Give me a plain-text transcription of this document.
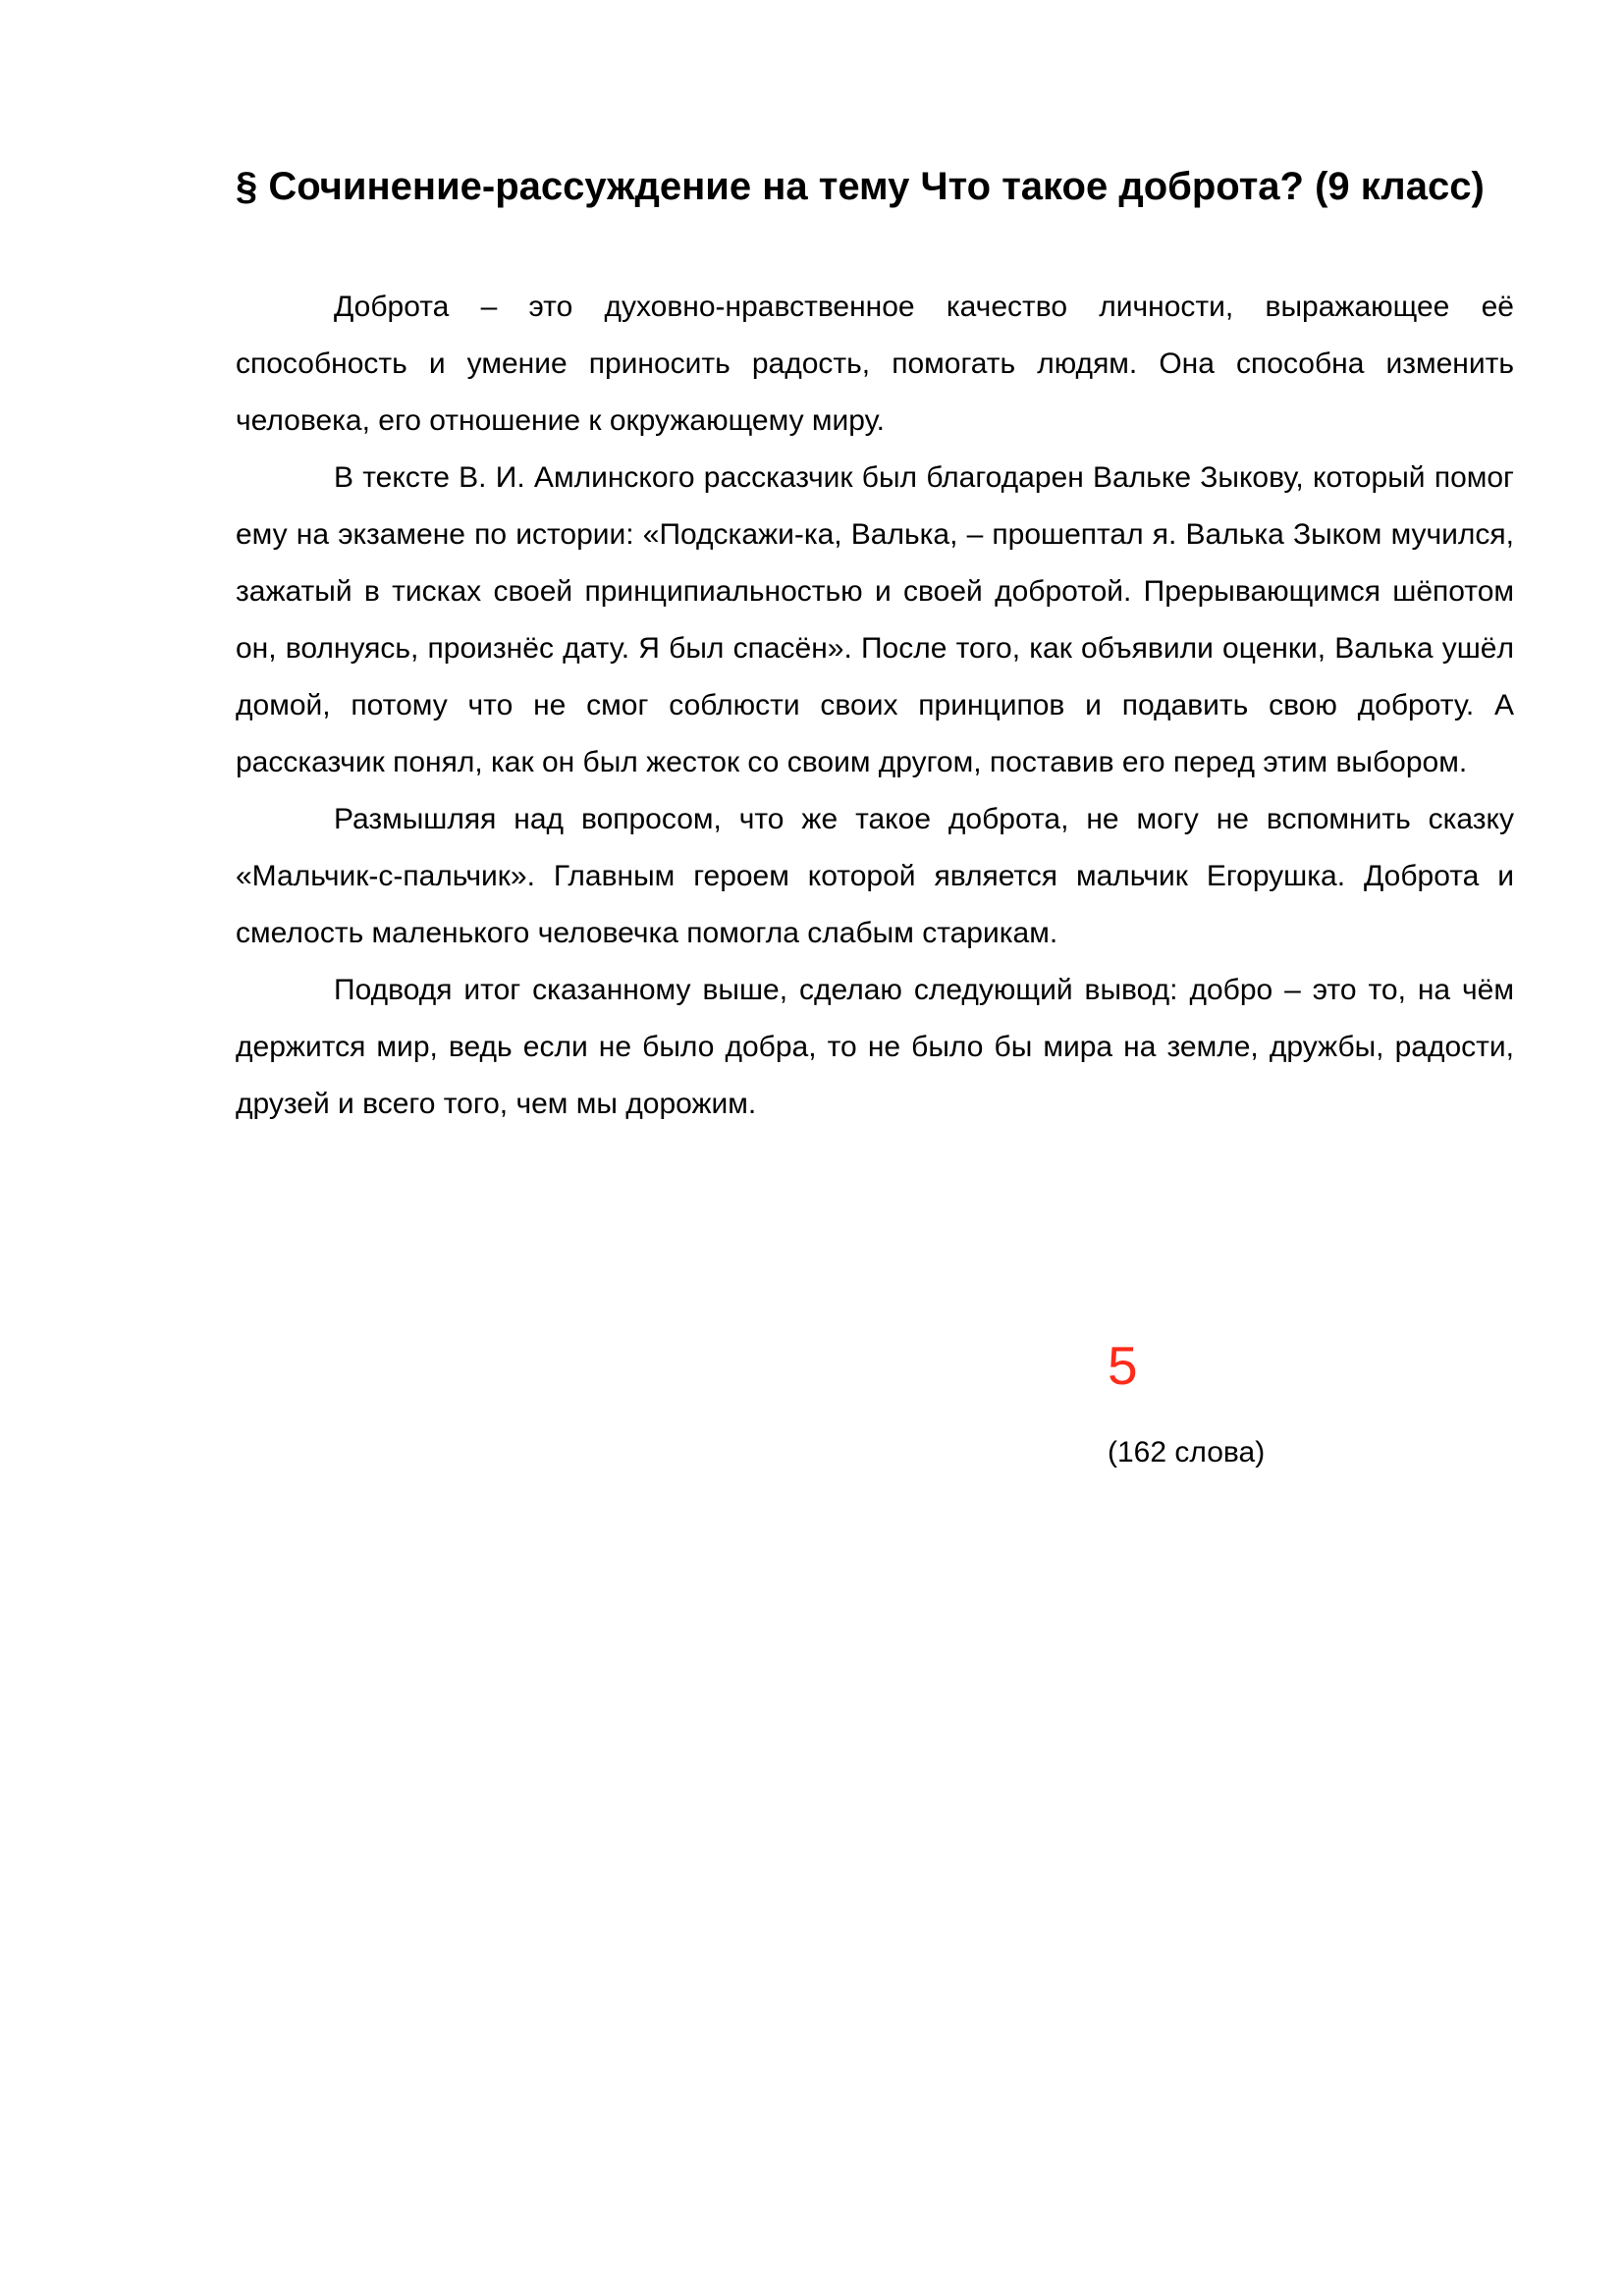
§ Сочинение-рассуждение на тему Что такое доброта? (9 класс)

Доброта – это духовно-нравственное качество личности, выражающее её способность и умение приносить радость, помогать людям. Она способна изменить человека, его отношение к окружающему миру.

В тексте В. И. Амлинского рассказчик был благодарен Вальке Зыкову, который помог ему на экзамене по истории: «Подскажи-ка, Валька, – прошептал я. Валька Зыком мучился, зажатый в тисках своей принципиальностью и своей добротой. Прерывающимся шёпотом он, волнуясь, произнёс дату. Я был спасён». После того, как объявили оценки, Валька ушёл домой, потому что не смог соблюсти своих принципов и подавить свою доброту. А рассказчик понял, как он был жесток со своим другом, поставив его перед этим выбором.

Размышляя над вопросом, что же такое доброта, не могу не вспомнить сказку «Мальчик-с-пальчик». Главным героем которой является мальчик Егорушка. Доброта и смелость маленького человечка помогла слабым старикам.

Подводя итог сказанному выше, сделаю следующий вывод: добро – это то, на чём держится мир, ведь если не было добра, то не было бы мира на земле, дружбы, радости, друзей и всего того, чем мы дорожим.

5
(162 слова)
